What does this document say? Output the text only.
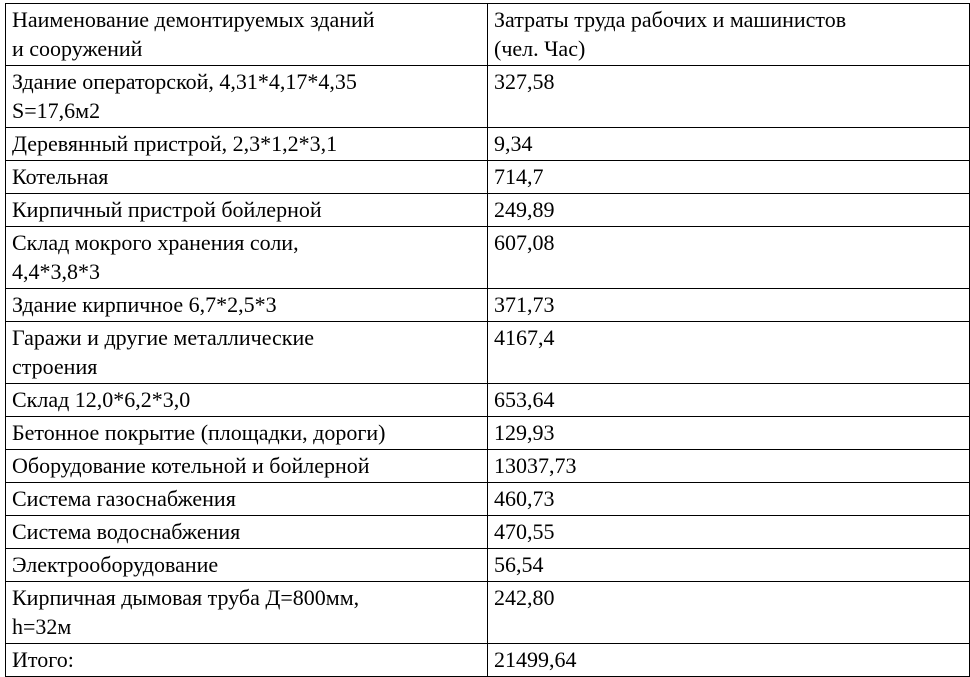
Наименование демонтируемых зданий
и сооружений	Затраты труда рабочих и машинистов
(чел. Час)

Здание операторской, 4,31*4,17*4,35
S=17,6м2	327,58

Деревянный пристрой, 2,3*1,2*3,1	9,34

Котельная	714,7

Кирпичный пристрой бойлерной	249,89

Склад мокрого хранения соли,
4,4*3,8*3	607,08

Здание кирпичное 6,7*2,5*3	371,73

Гаражи и другие металлические
строения	4167,4

Склад 12,0*6,2*3,0	653,64

Бетонное покрытие (площадки, дороги)	129,93

Оборудование котельной и бойлерной	13037,73

Система газоснабжения	460,73

Система водоснабжения	470,55

Электрооборудование	56,54

Кирпичная дымовая труба Д=800мм,
h=32м	242,80
Итого:	21499,64
